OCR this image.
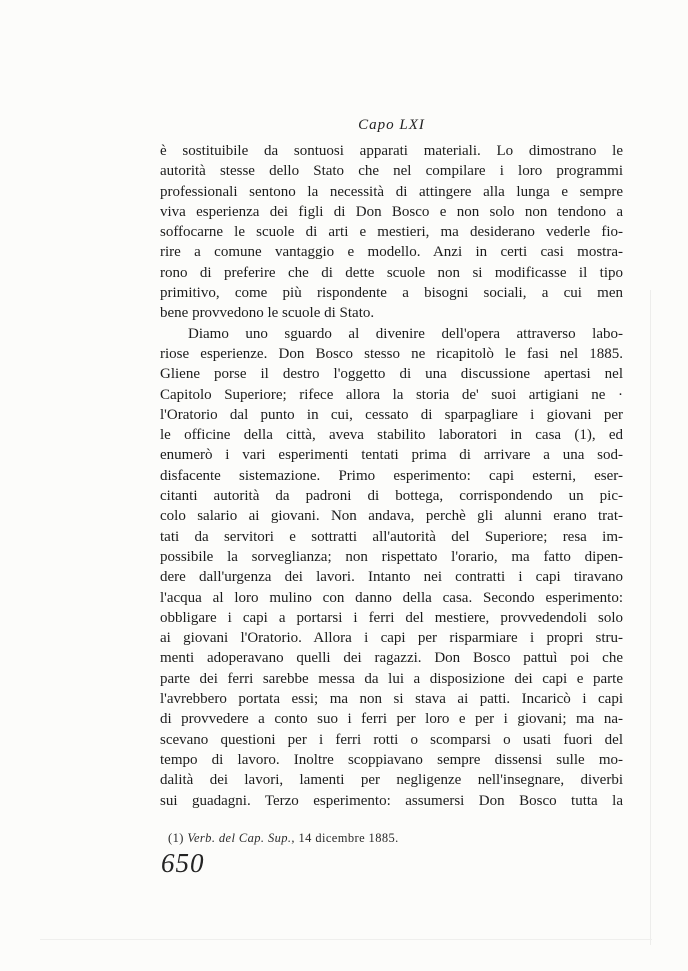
Capo LXI
è sostituibile da sontuosi apparati materiali. Lo dimostrano le
autorità stesse dello Stato che nel compilare i loro programmi
professionali sentono la necessità di attingere alla lunga e sempre
viva esperienza dei figli di Don Bosco e non solo non tendono a
soffocarne le scuole di arti e mestieri, ma desiderano vederle fio-
rire a comune vantaggio e modello. Anzi in certi casi mostra-
rono di preferire che di dette scuole non si modificasse il tipo
primitivo, come più rispondente a bisogni sociali, a cui men
bene provvedono le scuole di Stato.
Diamo uno sguardo al divenire dell'opera attraverso labo-
riose esperienze. Don Bosco stesso ne ricapitolò le fasi nel 1885.
Gliene porse il destro l'oggetto di una discussione apertasi nel
Capitolo Superiore; rifece allora la storia de' suoi artigiani ne ·
l'Oratorio dal punto in cui, cessato di sparpagliare i giovani per
le officine della città, aveva stabilito laboratori in casa (1), ed
enumerò i vari esperimenti tentati prima di arrivare a una sod-
disfacente sistemazione. Primo esperimento: capi esterni, eser-
citanti autorità da padroni di bottega, corrispondendo un pic-
colo salario ai giovani. Non andava, perchè gli alunni erano trat-
tati da servitori e sottratti all'autorità del Superiore; resa im-
possibile la sorveglianza; non rispettato l'orario, ma fatto dipen-
dere dall'urgenza dei lavori. Intanto nei contratti i capi tiravano
l'acqua al loro mulino con danno della casa. Secondo esperimento:
obbligare i capi a portarsi i ferri del mestiere, provvedendoli solo
ai giovani l'Oratorio. Allora i capi per risparmiare i propri stru-
menti adoperavano quelli dei ragazzi. Don Bosco pattuì poi che
parte dei ferri sarebbe messa da lui a disposizione dei capi e parte
l'avrebbero portata essi; ma non si stava ai patti. Incaricò i capi
di provvedere a conto suo i ferri per loro e per i giovani; ma na-
scevano questioni per i ferri rotti o scomparsi o usati fuori del
tempo di lavoro. Inoltre scoppiavano sempre dissensi sulle mo-
dalità dei lavori, lamenti per negligenze nell'insegnare, diverbi
sui guadagni. Terzo esperimento: assumersi Don Bosco tutta la
(1) Verb. del Cap. Sup., 14 dicembre 1885.
650
